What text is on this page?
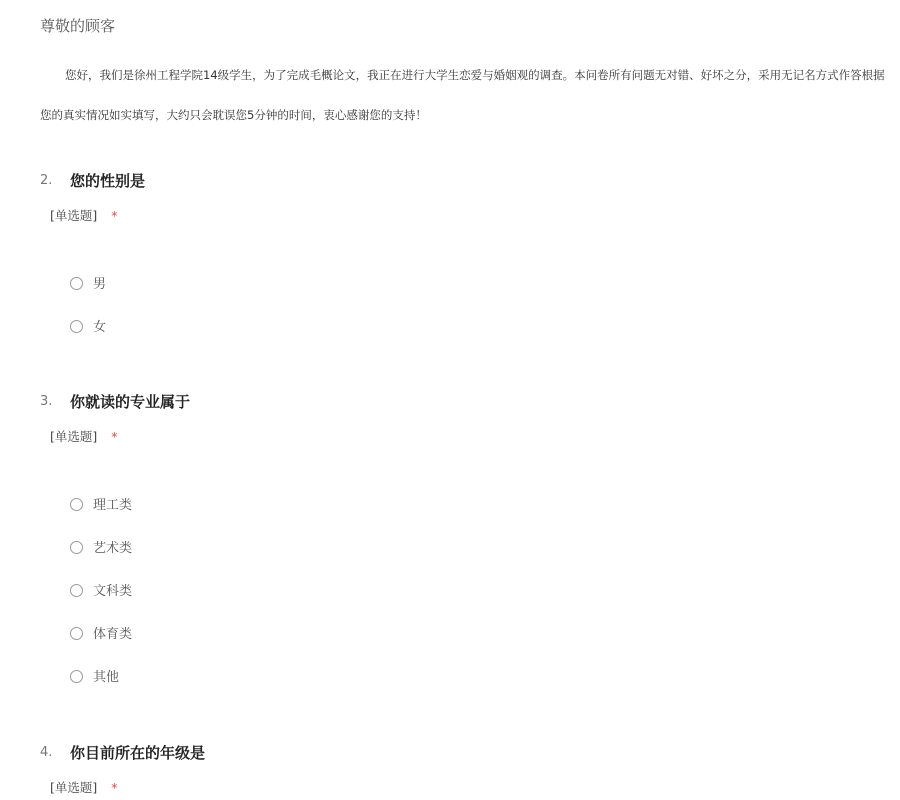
尊敬的顾客
您好，我们是徐州工程学院14级学生，为了完成毛概论文，我正在进行大学生恋爱与婚姻观的调查。本问卷所有问题无对错、好坏之分，采用无记名方式作答根据您的真实情况如实填写，大约只会耽误您5分钟的时间，衷心感谢您的支持！
2. 您的性别是
[单选题] *
男
女
3. 你就读的专业属于
[单选题] *
理工类
艺术类
文科类
体育类
其他
4. 你目前所在的年级是
[单选题] *
